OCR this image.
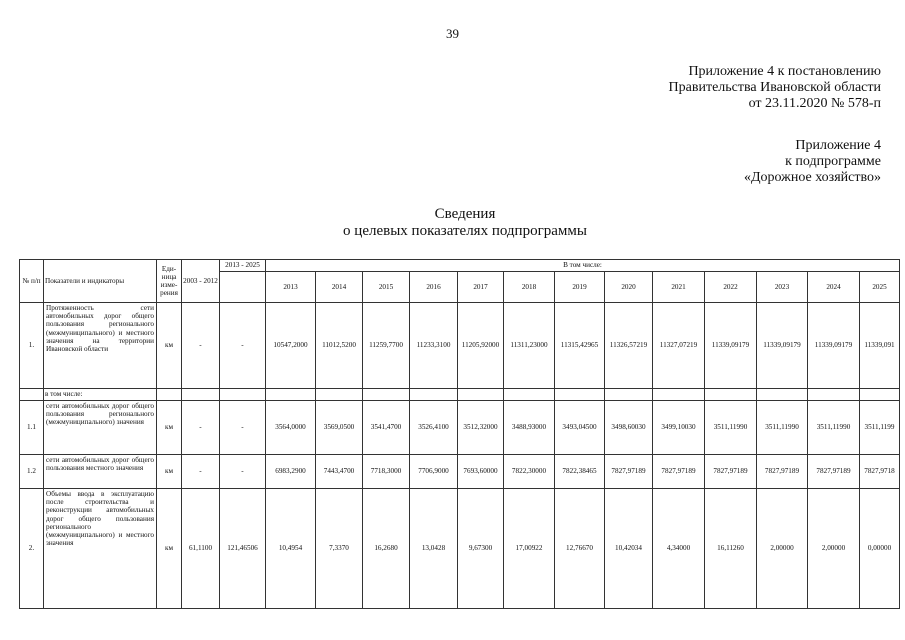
39
Приложение 4 к постановлению
Правительства Ивановской области
от 23.11.2020 № 578-п
Приложение 4
к подпрограмме
«Дорожное хозяйство»
Сведения
о целевых показателях подпрограммы
№ п/п	Показатели и индикаторы	Еди-ница изме-рения	2003 - 2012	2013 - 2025	В том числе:												
					2013	2014	2015	2016	2017	2018	2019	2020	2021	2022	2023	2024	2025
1.	Протяженность сети автомобильных дорог общего пользования регионального (межмуниципального) и местного значения на территории Ивановской области	км	-	-	10547,2000	11012,5200	11259,7700	11233,3100	11205,92000	11311,23000	11315,42965	11326,57219	11327,07219	11339,09179	11339,09179	11339,09179	11339,091
	в том числе:																
1.1	сети автомобильных дорог общего пользования регионального (межмуниципального) значения	км	-	-	3564,0000	3569,0500	3541,4700	3526,4100	3512,32000	3488,93000	3493,04500	3498,60030	3499,10030	3511,11990	3511,11990	3511,11990	3511,1199
1.2	сети автомобильных дорог общего пользования местного значения	км	-	-	6983,2900	7443,4700	7718,3000	7706,9000	7693,60000	7822,30000	7822,38465	7827,97189	7827,97189	7827,97189	7827,97189	7827,97189	7827,9718
2.	Объемы ввода в эксплуатацию после строительства и реконструкции автомобильных дорог общего пользования регионального (межмуниципального) и местного значения	км	61,1100	121,46506	10,4954	7,3370	16,2680	13,0428	9,67300	17,00922	12,76670	10,42034	4,34000	16,11260	2,00000	2,00000	0,00000
